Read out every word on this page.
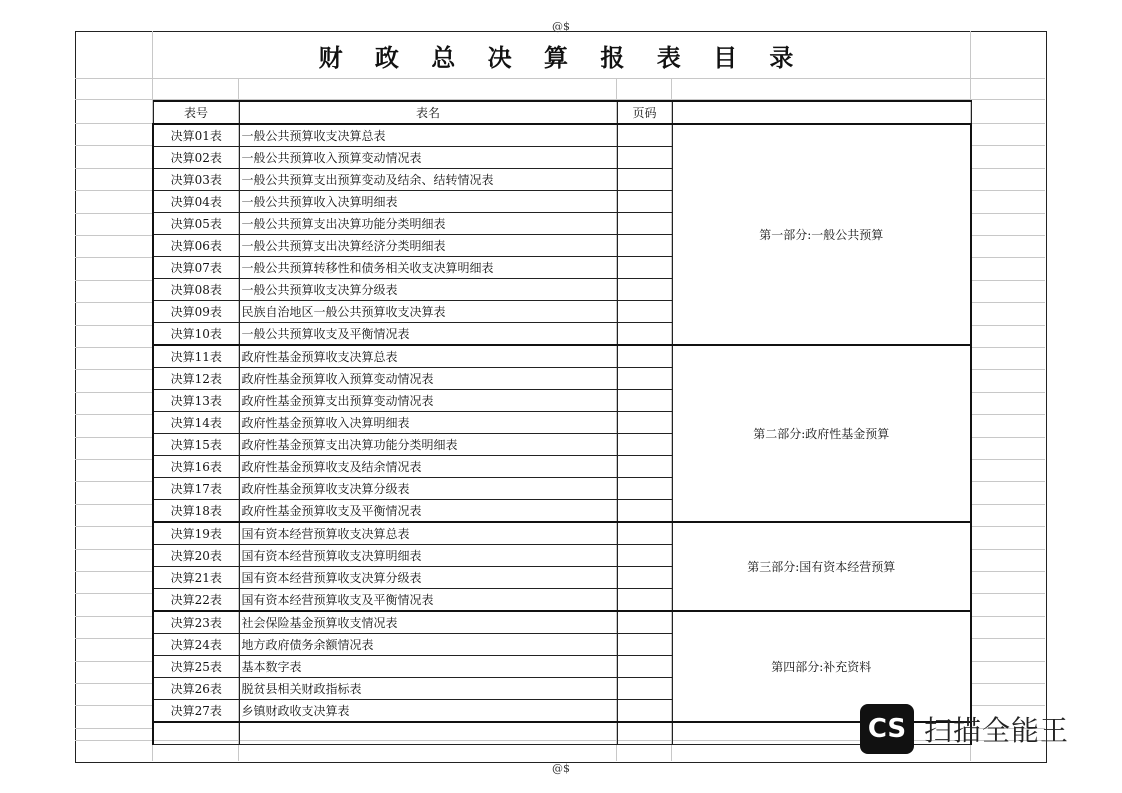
@$
@$
财 政 总 决 算 报 表 目 录
表号	表名	页码	
决算01表	一般公共预算收支决算总表		第一部分:一般公共预算
决算02表	一般公共预算收入预算变动情况表		
决算03表	一般公共预算支出预算变动及结余、结转情况表		
决算04表	一般公共预算收入决算明细表		
决算05表	一般公共预算支出决算功能分类明细表		
决算06表	一般公共预算支出决算经济分类明细表		
决算07表	一般公共预算转移性和债务相关收支决算明细表		
决算08表	一般公共预算收支决算分级表		
决算09表	民族自治地区一般公共预算收支决算表		
决算10表	一般公共预算收支及平衡情况表		
决算11表	政府性基金预算收支决算总表		第二部分:政府性基金预算
决算12表	政府性基金预算收入预算变动情况表		
决算13表	政府性基金预算支出预算变动情况表		
决算14表	政府性基金预算收入决算明细表		
决算15表	政府性基金预算支出决算功能分类明细表		
决算16表	政府性基金预算收支及结余情况表		
决算17表	政府性基金预算收支决算分级表		
决算18表	政府性基金预算收支及平衡情况表		
决算19表	国有资本经营预算收支决算总表		第三部分:国有资本经营预算
决算20表	国有资本经营预算收支决算明细表		
决算21表	国有资本经营预算收支决算分级表		
决算22表	国有资本经营预算收支及平衡情况表		
决算23表	社会保险基金预算收支情况表		第四部分:补充资料
决算24表	地方政府债务余额情况表		
决算25表	基本数字表		
决算26表	脱贫县相关财政指标表		
决算27表	乡镇财政收支决算表		

CS 扫描全能王
